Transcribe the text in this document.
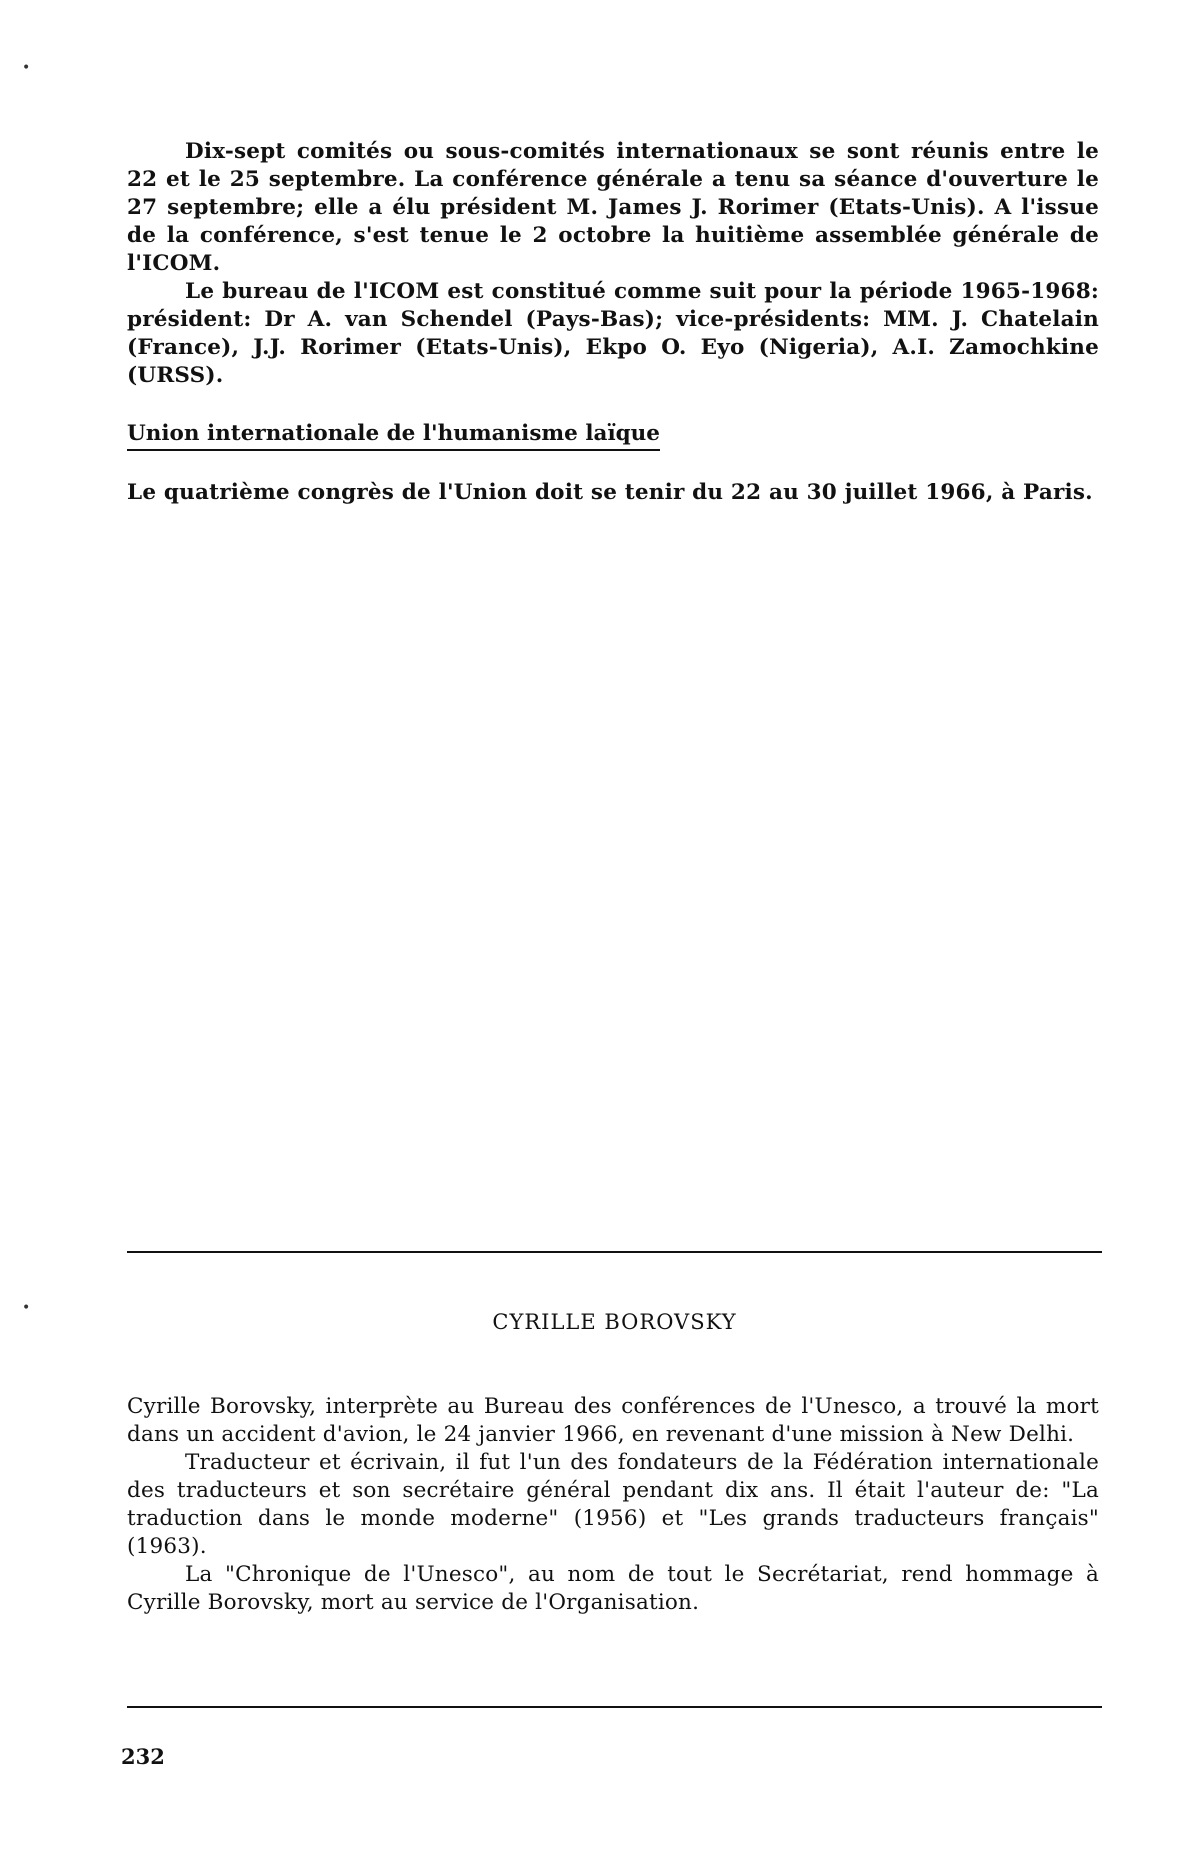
•
•

Dix-sept comités ou sous-comités internationaux se sont réunis entre le 22 et le 25 septembre. La conférence générale a tenu sa séance d'ouverture le 27 septembre; elle a élu président M. James J. Rorimer (Etats-Unis). A l'issue de la conférence, s'est tenue le 2 octobre la huitième assemblée générale de l'ICOM.

Le bureau de l'ICOM est constitué comme suit pour la période 1965-1968: président: Dr A. van Schendel (Pays-Bas); vice-présidents: MM. J. Chatelain (France), J.J. Rorimer (Etats-Unis), Ekpo O. Eyo (Nigeria), A.I. Zamochkine (URSS).

Union internationale de l'humanisme laïque

Le quatrième congrès de l'Union doit se tenir du 22 au 30 juillet 1966, à Paris.

CYRILLE BOROVSKY

Cyrille Borovsky, interprète au Bureau des conférences de l'Unesco, a trouvé la mort dans un accident d'avion, le 24 janvier 1966, en revenant d'une mission à New Delhi.

Traducteur et écrivain, il fut l'un des fondateurs de la Fédération internationale des traducteurs et son secrétaire général pendant dix ans. Il était l'auteur de: "La traduction dans le monde moderne" (1956) et "Les grands traducteurs français" (1963).

La "Chronique de l'Unesco", au nom de tout le Secrétariat, rend hommage à Cyrille Borovsky, mort au service de l'Organisation.

232
